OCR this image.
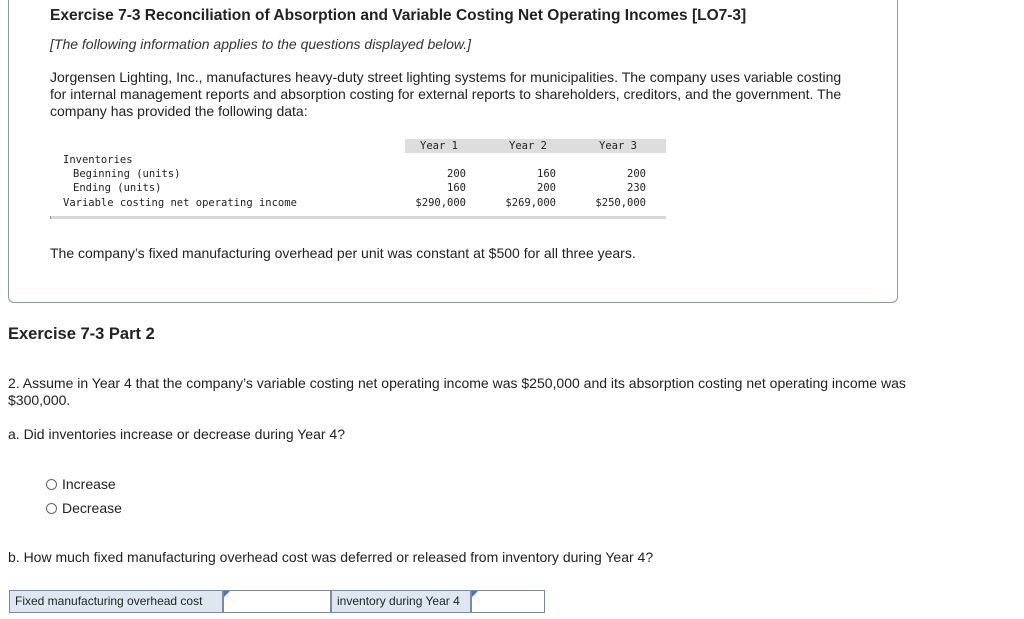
Exercise 7-3 Reconciliation of Absorption and Variable Costing Net Operating Incomes [LO7-3]
[The following information applies to the questions displayed below.]
Jorgensen Lighting, Inc., manufactures heavy-duty street lighting systems for municipalities. The company uses variable costing for internal management reports and absorption costing for external reports to shareholders, creditors, and the government. The company has provided the following data:
Year 1	Year 2	Year 3
Inventories
Beginning (units)	200	160	200
Ending (units)	160	200	230
Variable costing net operating income	$290,000	$269,000	$250,000
The company’s fixed manufacturing overhead per unit was constant at $500 for all three years.
Exercise 7-3 Part 2
2. Assume in Year 4 that the company’s variable costing net operating income was $250,000 and its absorption costing net operating income was $300,000.
a. Did inventories increase or decrease during Year 4?
Increase
Decrease
b. How much fixed manufacturing overhead cost was deferred or released from inventory during Year 4?
Fixed manufacturing overhead cost	inventory during Year 4
